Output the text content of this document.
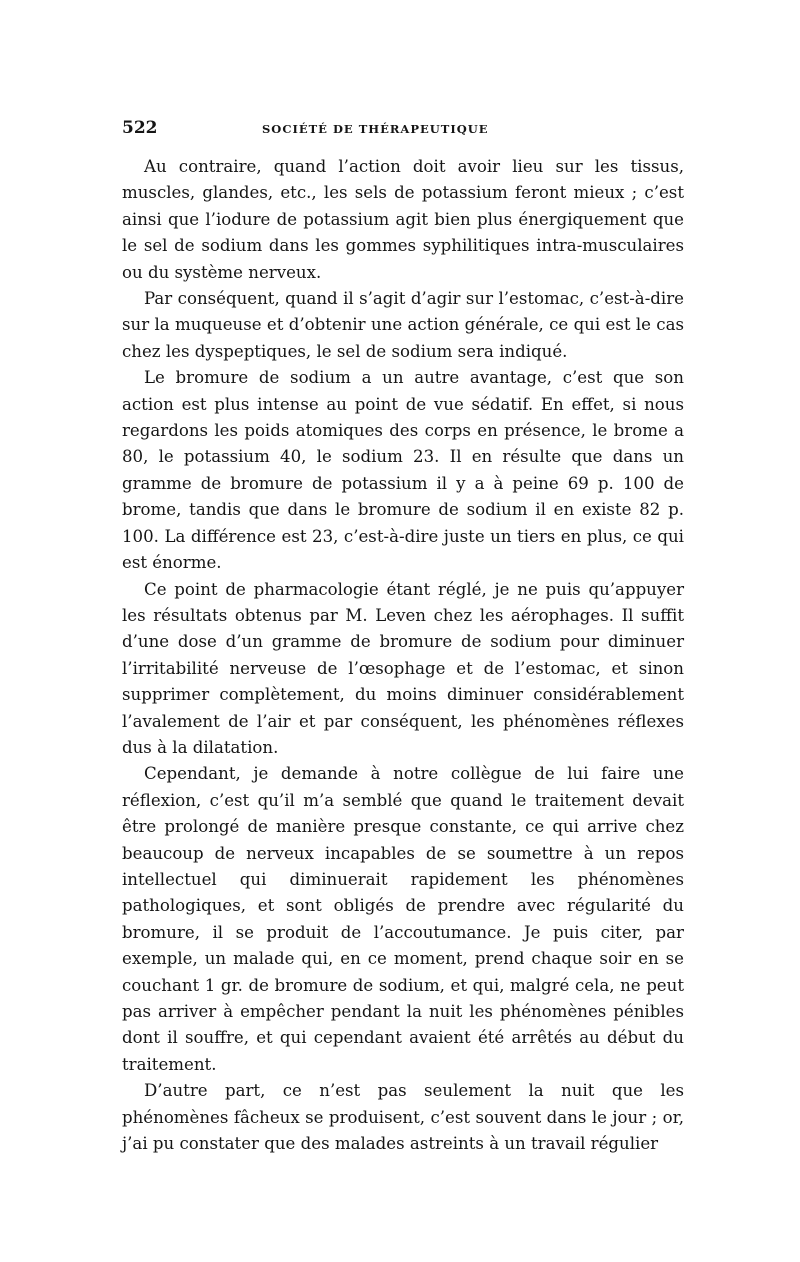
522	SOCIÉTÉ DE THÉRAPEUTIQUE

Au contraire, quand l’action doit avoir lieu sur les tissus, muscles, glandes, etc., les sels de potassium feront mieux ; c’est ainsi que l’iodure de potassium agit bien plus énergiquement que le sel de sodium dans les gommes syphilitiques intra-musculaires ou du système nerveux.

Par conséquent, quand il s’agit d’agir sur l’estomac, c’est-à-dire sur la muqueuse et d’obtenir une action générale, ce qui est le cas chez les dyspeptiques, le sel de sodium sera indiqué.

Le bromure de sodium a un autre avantage, c’est que son action est plus intense au point de vue sédatif. En effet, si nous regardons les poids atomiques des corps en présence, le brome a 80, le potassium 40, le sodium 23. Il en résulte que dans un gramme de bromure de potassium il y a à peine 69 p. 100 de brome, tandis que dans le bromure de sodium il en existe 82 p. 100. La différence est 23, c’est-à-dire juste un tiers en plus, ce qui est énorme.

Ce point de pharmacologie étant réglé, je ne puis qu’appuyer les résultats obtenus par M. Leven chez les aérophages. Il suffit d’une dose d’un gramme de bromure de sodium pour diminuer l’irritabilité nerveuse de l’œsophage et de l’estomac, et sinon supprimer complètement, du moins diminuer considérablement l’avalement de l’air et par conséquent, les phénomènes réflexes dus à la dilatation.

Cependant, je demande à notre collègue de lui faire une réflexion, c’est qu’il m’a semblé que quand le traitement devait être prolongé de manière presque constante, ce qui arrive chez beaucoup de nerveux incapables de se soumettre à un repos intellectuel qui diminuerait rapidement les phénomènes pathologiques, et sont obligés de prendre avec régularité du bromure, il se produit de l’accoutumance. Je puis citer, par exemple, un malade qui, en ce moment, prend chaque soir en se couchant 1 gr. de bromure de sodium, et qui, malgré cela, ne peut pas arriver à empêcher pendant la nuit les phénomènes pénibles dont il souffre, et qui cependant avaient été arrêtés au début du traitement.

D’autre part, ce n’est pas seulement la nuit que les phénomènes fâcheux se produisent, c’est souvent dans le jour ; or, j’ai pu constater que des malades astreints à un travail régulier
